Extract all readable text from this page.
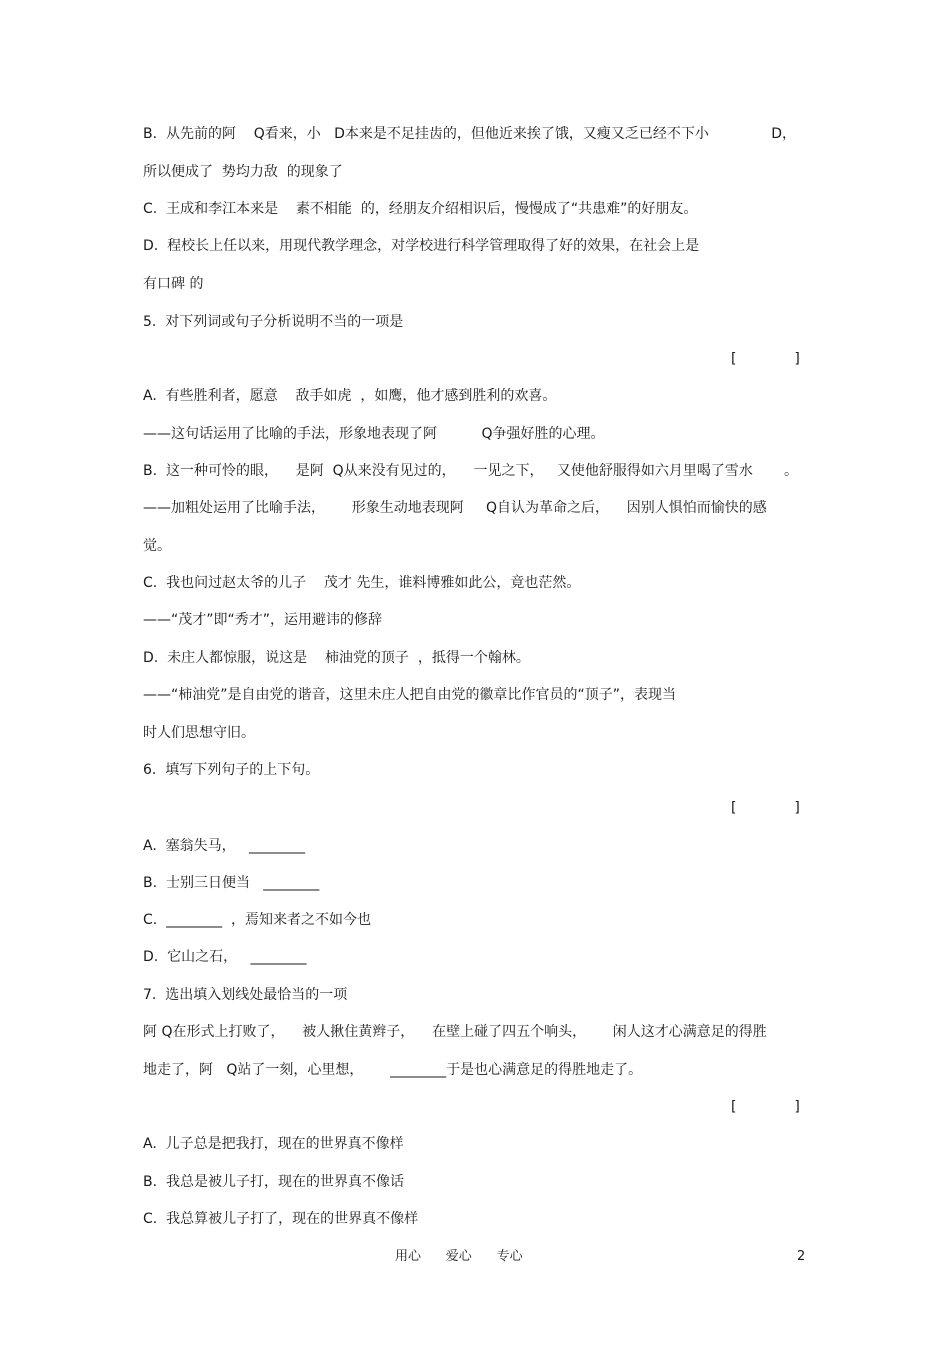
B.  从先前的阿    Q看来，小   D本来是不足挂齿的，但他近来挨了饿，又瘦又乏已经不下小              D，
所以便成了  势均力敌  的现象了
C.  王成和李江本来是    素不相能  的，经朋友介绍相识后，慢慢成了“共患难”的好朋友。
D.  程校长上任以来，用现代教学理念，对学校进行科学管理取得了好的效果，在社会上是
有口碑 的
5.  对下列词或句子分析说明不当的一项是
[             ]
A.  有些胜利者，愿意    敌手如虎  ，如鹰，他才感到胜利的欢喜。
——这句话运用了比喻的手法，形象地表现了阿          Q争强好胜的心理。
B.  这一种可怜的眼，    是阿  Q从来没有见过的，    一见之下，   又使他舒服得如六月里喝了雪水       。
——加粗处运用了比喻手法，      形象生动地表现阿     Q自认为革命之后，    因别人惧怕而愉快的感
觉。
C.  我也问过赵太爷的儿子    茂才 先生，谁料博雅如此公，竟也茫然。
——“茂才”即“秀才”，运用避讳的修辞
D.  未庄人都惊服，说这是    柿油党的顶子  ，抵得一个翰林。
——“柿油党”是自由党的谐音，这里未庄人把自由党的徽章比作官员的“顶子”，表现当
时人们思想守旧。
6.  填写下列句子的上下句。
[             ]
A.  塞翁失马，   ________
B.  士别三日便当   ________
C.  ________  ，焉知来者之不如今也
D.  它山之石，   ________
7.  选出填入划线处最恰当的一项
阿 Q在形式上打败了，    被人揪住黄辫子，    在壁上碰了四五个响头，      闲人这才心满意足的得胜
地走了，阿   Q站了一刻，心里想，      ________于是也心满意足的得胜地走了。
[             ]
A.  儿子总是把我打，现在的世界真不像样
B.  我总是被儿子打，现在的世界真不像话
C.  我总算被儿子打了，现在的世界真不像样
用心      爱心      专心	2
